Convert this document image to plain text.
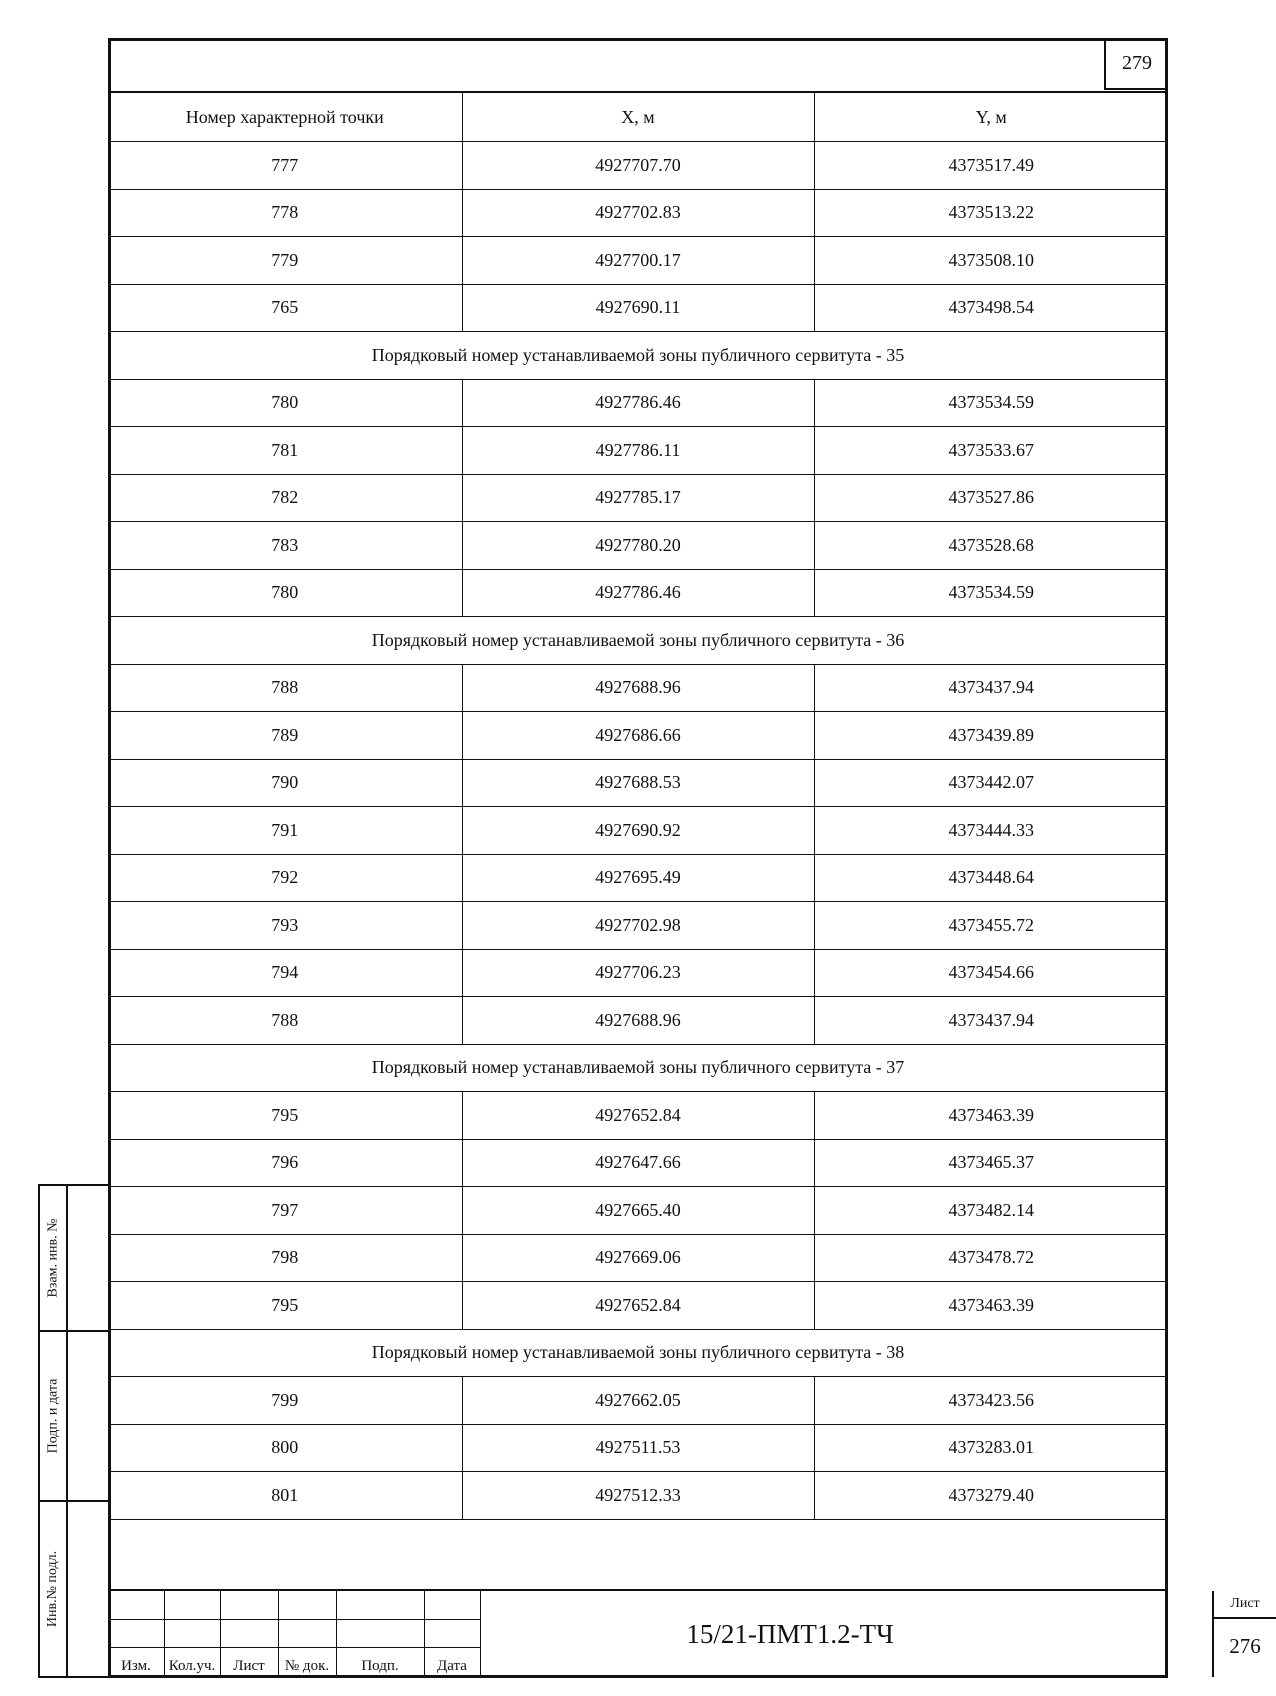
279
Номер характерной точки	X, м	Y, м
777	4927707.70	4373517.49
778	4927702.83	4373513.22
779	4927700.17	4373508.10
765	4927690.11	4373498.54
Порядковый номер устанавливаемой зоны публичного сервитута - 35		
780	4927786.46	4373534.59
781	4927786.11	4373533.67
782	4927785.17	4373527.86
783	4927780.20	4373528.68
780	4927786.46	4373534.59
Порядковый номер устанавливаемой зоны публичного сервитута - 36		
788	4927688.96	4373437.94
789	4927686.66	4373439.89
790	4927688.53	4373442.07
791	4927690.92	4373444.33
792	4927695.49	4373448.64
793	4927702.98	4373455.72
794	4927706.23	4373454.66
788	4927688.96	4373437.94
Порядковый номер устанавливаемой зоны публичного сервитута - 37		
795	4927652.84	4373463.39
796	4927647.66	4373465.37
797	4927665.40	4373482.14
798	4927669.06	4373478.72
795	4927652.84	4373463.39
Порядковый номер устанавливаемой зоны публичного сервитута - 38		
799	4927662.05	4373423.56
800	4927511.53	4373283.01
801	4927512.33	4373279.40
Взам. инв. №
Подп. и дата
Инв.№ подл.
Изм.	Кол.уч.	Лист	№ док.	Подп.	Дата
15/21-ПМТ1.2-ТЧ
Лист
276
